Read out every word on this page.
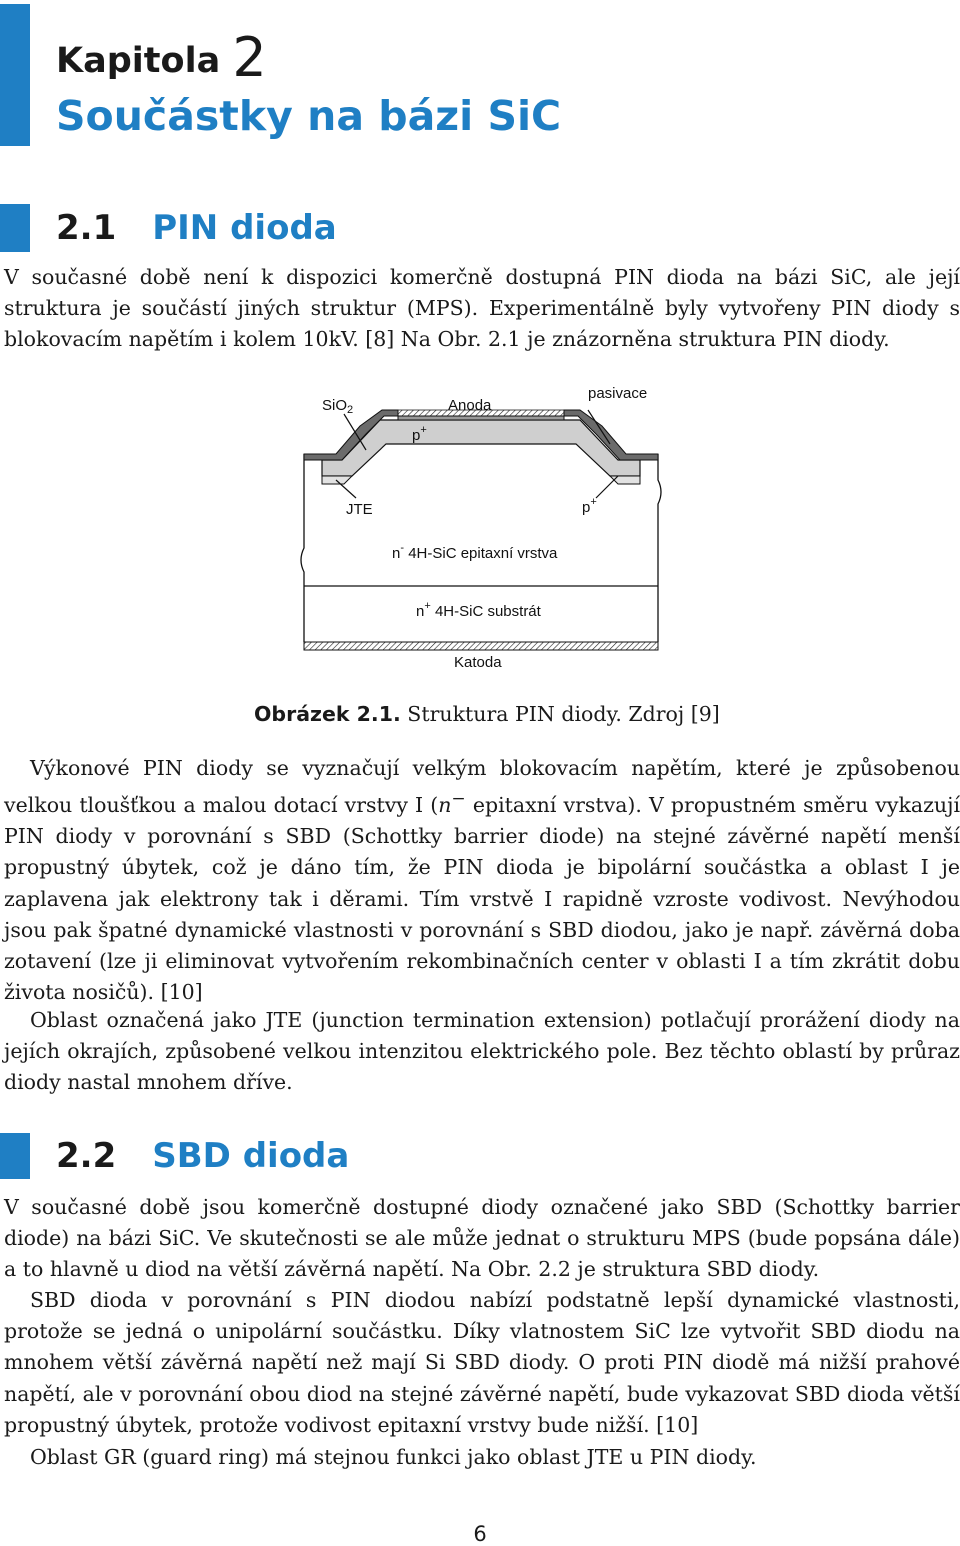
Kapitola 2
Součástky na bázi SiC
2.1 PIN dioda

V současné době není k dispozici komerčně dostupná PIN dioda na bázi SiC, ale její struktura je součástí jiných struktur (MPS). Experimentálně byly vytvořeny PIN diody s blokovacím napětím i kolem 10kV. [8] Na Obr. 2.1 je znázorněna struktura PIN diody.

SiO$_2$	Anoda
pasivace
p+
JTE	p+
n- 4H-SiC epitaxní vrstva
n+ 4H-SiC substrát
Katoda
Obrázek 2.1. Struktura PIN diody. Zdroj [9]

Výkonové PIN diody se vyznačují velkým blokovacím napětím, které je způsobenou velkou tloušťkou a malou dotací vrstvy I (n− epitaxní vrstva). V propustném směru vykazují PIN diody v porovnání s SBD (Schottky barrier diode) na stejné závěrné napětí menší propustný úbytek, což je dáno tím, že PIN dioda je bipolární součástka a oblast I je zaplavena jak elektrony tak i děrami. Tím vrstvě I rapidně vzroste vodivost. Nevýhodou jsou pak špatné dynamické vlastnosti v porovnání s SBD diodou, jako je např. závěrná doba zotavení (lze ji eliminovat vytvořením rekombinačních center v oblasti I a tím zkrátit dobu života nosičů). [10]

Oblast označená jako JTE (junction termination extension) potlačují prorážení diody na jejích okrajích, způsobené velkou intenzitou elektrického pole. Bez těchto oblastí by průraz diody nastal mnohem dříve.

2.2 SBD dioda

V současné době jsou komerčně dostupné diody označené jako SBD (Schottky barrier diode) na bázi SiC. Ve skutečnosti se ale může jednat o strukturu MPS (bude popsána dále) a to hlavně u diod na větší závěrná napětí. Na Obr. 2.2 je struktura SBD diody.

SBD dioda v porovnání s PIN diodou nabízí podstatně lepší dynamické vlastnosti, protože se jedná o unipolární součástku. Díky vlatnostem SiC lze vytvořit SBD diodu na mnohem větší závěrná napětí než mají Si SBD diody. O proti PIN diodě má nižší prahové napětí, ale v porovnání obou diod na stejné závěrné napětí, bude vykazovat SBD dioda větší propustný úbytek, protože vodivost epitaxní vrstvy bude nižší. [10]

Oblast GR (guard ring) má stejnou funkci jako oblast JTE u PIN diody.

6
